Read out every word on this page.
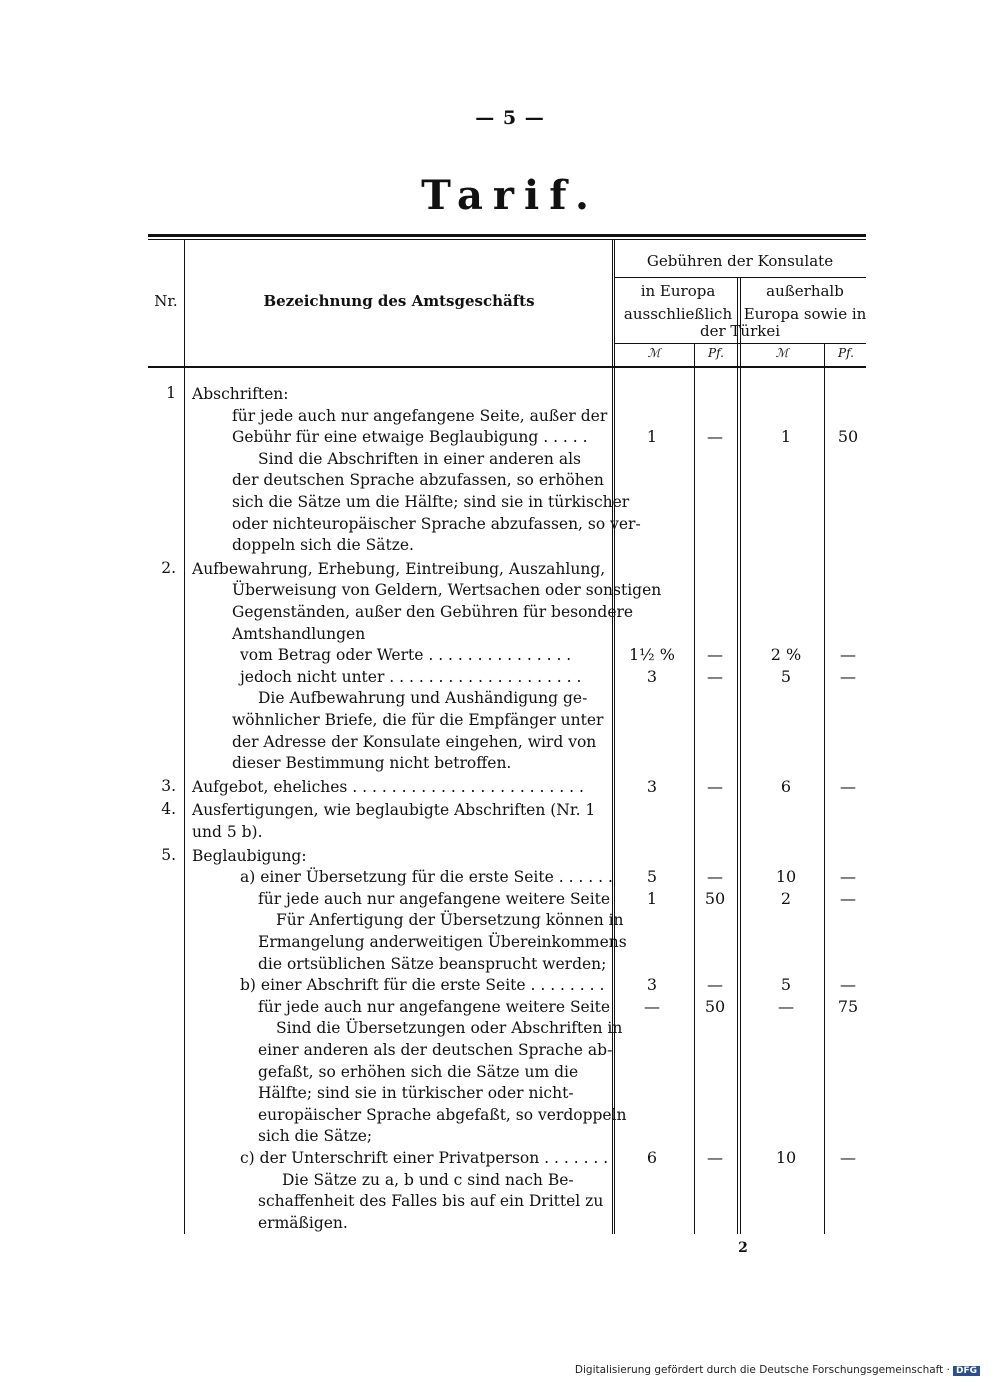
— 5 —
Tarif.
Nr.	Bezeichnung des Amtsgeschäfts
Gebühren der Konsulate
in Europa ausschließlich
außerhalb Europa sowie in
der Türkei
ℳ	Pf.	ℳ	Pf.
1 Abschriften:
für jede auch nur angefangene Seite, außer der
Gebühr für eine etwaige Beglaubigung . . . . .	1	—	1	50
Sind die Abschriften in einer anderen als
der deutschen Sprache abzufassen, so erhöhen
sich die Sätze um die Hälfte; sind sie in türkischer
oder nichteuropäischer Sprache abzufassen, so ver-
doppeln sich die Sätze.
2. Aufbewahrung, Erhebung, Eintreibung, Auszahlung,
Überweisung von Geldern, Wertsachen oder sonstigen
Gegenständen, außer den Gebühren für besondere
Amtshandlungen
vom Betrag oder Werte . . . . . . . . . . . . . . .	1½ %	—	2 %	—
jedoch nicht unter . . . . . . . . . . . . . . . . . . . .	3	—	5	—
Die Aufbewahrung und Aushändigung ge-
wöhnlicher Briefe, die für die Empfänger unter
der Adresse der Konsulate eingehen, wird von
dieser Bestimmung nicht betroffen.
3. Aufgebot, eheliches . . . . . . . . . . . . . . . . . . . . . . . .	3	—	6	—
4. Ausfertigungen, wie beglaubigte Abschriften (Nr. 1
und 5 b).
5. Beglaubigung:
a) einer Übersetzung für die erste Seite . . . . . .	5	—	10	—
für jede auch nur angefangene weitere Seite	1	50	2	—
Für Anfertigung der Übersetzung können in
Ermangelung anderweitigen Übereinkommens
die ortsüblichen Sätze beansprucht werden;
b) einer Abschrift für die erste Seite . . . . . . . .	3	—	5	—
für jede auch nur angefangene weitere Seite	—	50	—	75
Sind die Übersetzungen oder Abschriften in
einer anderen als der deutschen Sprache ab-
gefaßt, so erhöhen sich die Sätze um die
Hälfte; sind sie in türkischer oder nicht-
europäischer Sprache abgefaßt, so verdoppeln
sich die Sätze;
c) der Unterschrift einer Privatperson . . . . . . .	6	—	10	—
Die Sätze zu a, b und c sind nach Be-
schaffenheit des Falles bis auf ein Drittel zu
ermäßigen.
2
Digitalisierung gefördert durch die Deutsche Forschungsgemeinschaft · DFG
